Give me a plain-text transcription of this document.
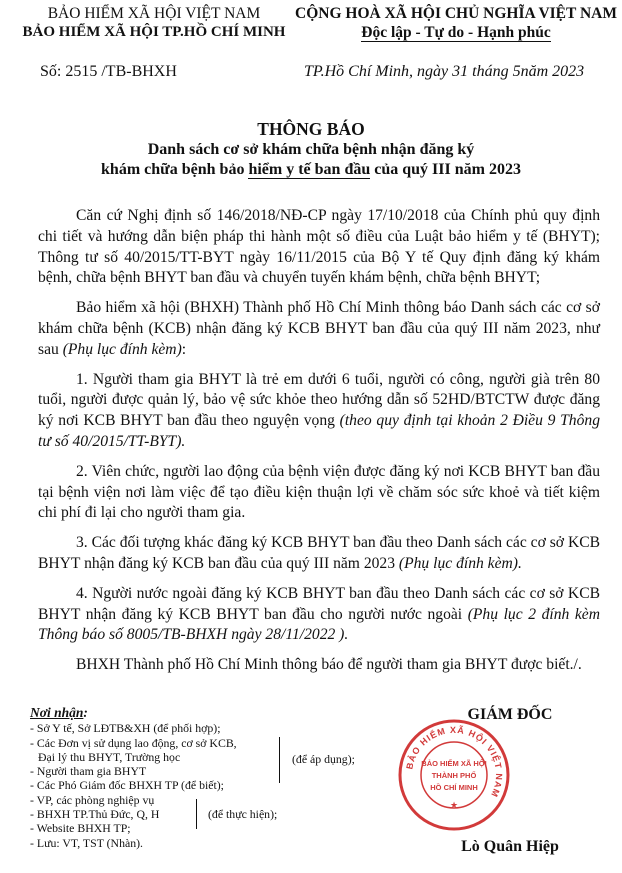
BẢO HIỂM XÃ HỘI VIỆT NAM
BẢO HIỂM XÃ HỘI TP.HỒ CHÍ MINH
CỘNG HOÀ XÃ HỘI CHỦ NGHĨA VIỆT NAM
Độc lập - Tự do - Hạnh phúc
Số: 2515 /TB-BHXH	TP.Hồ Chí Minh, ngày 31 tháng 5năm 2023
THÔNG BÁO
Danh sách cơ sở khám chữa bệnh nhận đăng ký
khám chữa bệnh bảo hiểm y tế ban đầu của quý III năm 2023

Căn cứ Nghị định số 146/2018/NĐ-CP ngày 17/10/2018 của Chính phủ quy định chi tiết và hướng dẫn biện pháp thi hành một số điều của Luật bảo hiểm y tế (BHYT); Thông tư số 40/2015/TT-BYT ngày 16/11/2015 của Bộ Y tế Quy định đăng ký khám bệnh, chữa bệnh BHYT ban đầu và chuyển tuyến khám bệnh, chữa bệnh BHYT;

Bảo hiểm xã hội (BHXH) Thành phố Hồ Chí Minh thông báo Danh sách các cơ sở khám chữa bệnh (KCB) nhận đăng ký KCB BHYT ban đầu của quý III năm 2023, như sau (Phụ lục đính kèm):

1. Người tham gia BHYT là trẻ em dưới 6 tuổi, người có công, người già trên 80 tuổi, người được quản lý, bảo vệ sức khỏe theo hướng dẫn số 52HD/BTCTW được đăng ký nơi KCB BHYT ban đầu theo nguyện vọng (theo quy định tại khoản 2 Điều 9 Thông tư số 40/2015/TT-BYT).

2. Viên chức, người lao động của bệnh viện được đăng ký nơi KCB BHYT ban đầu tại bệnh viện nơi làm việc để tạo điều kiện thuận lợi về chăm sóc sức khoẻ và tiết kiệm chi phí đi lại cho người tham gia.

3. Các đối tượng khác đăng ký KCB BHYT ban đầu theo Danh sách các cơ sở KCB BHYT nhận đăng ký KCB ban đầu của quý III năm 2023 (Phụ lục đính kèm).

4. Người nước ngoài đăng ký KCB BHYT ban đầu theo Danh sách các cơ sở KCB BHYT nhận đăng ký KCB BHYT ban đầu cho người nước ngoài (Phụ lục 2 đính kèm Thông báo số 8005/TB-BHXH ngày 28/11/2022 ).

BHXH Thành phố Hồ Chí Minh thông báo để người tham gia BHYT được biết./.

Nơi nhận:
- Sở Y tế, Sở LĐTB&XH (để phối hợp);
- Các Đơn vị sử dụng lao động, cơ sở KCB,
Đại lý thu BHYT, Trường học
- Người tham gia BHYT
- Các Phó Giám đốc BHXH TP (để biết);
- VP, các phòng nghiệp vụ
- BHXH TP.Thủ Đức, Q, H
- Website BHXH TP;
- Lưu: VT, TST (Nhàn).
(để áp dụng);
(để thực hiện);
GIÁM ĐỐC
BẢO HIỂM XÃ HỘI VIỆT NAM
BẢO HIỂM XÃ HỘI
THÀNH PHỐ
HỒ CHÍ MINH
★
Lò Quân Hiệp
